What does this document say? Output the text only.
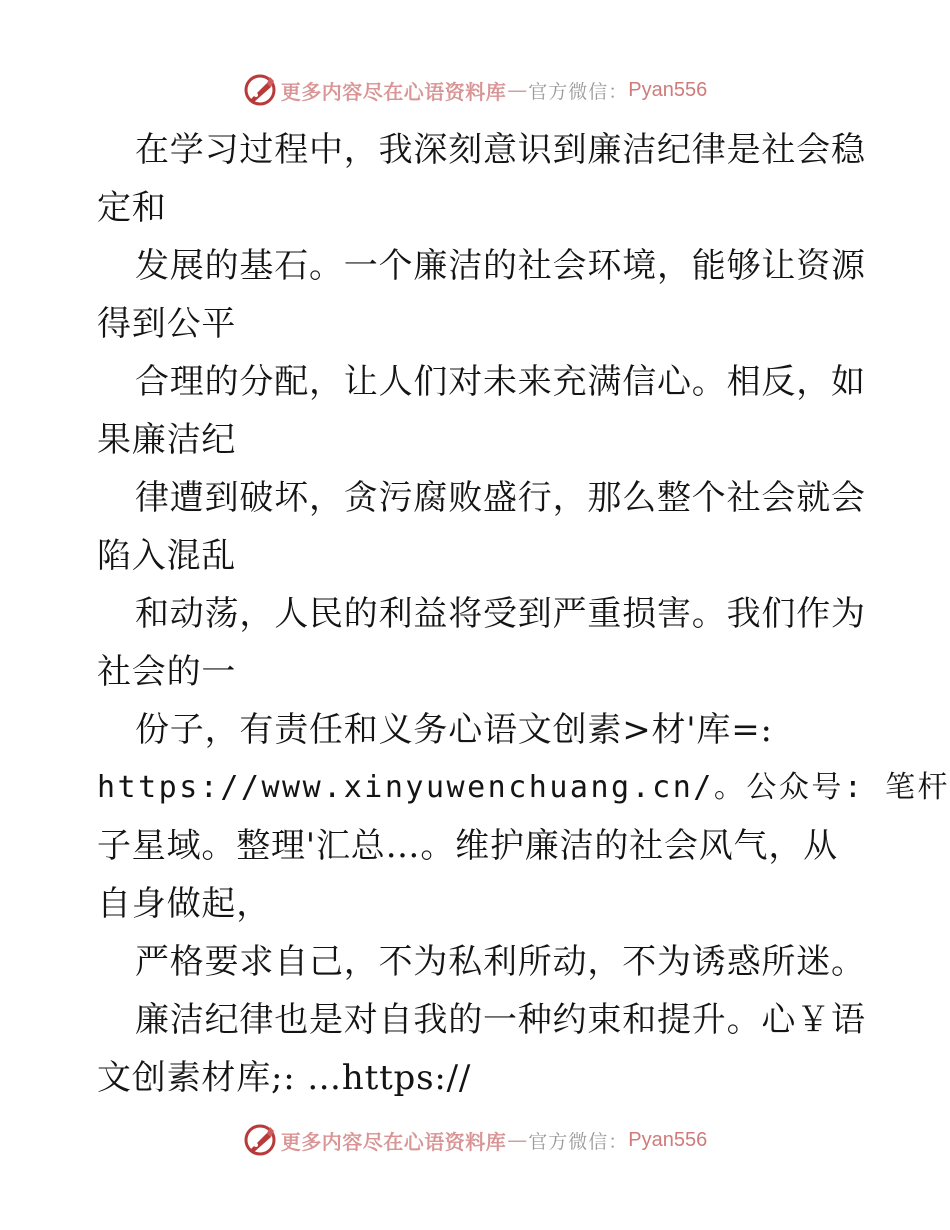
更多内容尽在心语资料库 — 官方微信： Pyan556
在学习过程中，我深刻意识到廉洁纪律是社会稳
定和
发展的基石。一个廉洁的社会环境，能够让资源
得到公平
合理的分配，让人们对未来充满信心。相反，如
果廉洁纪
律遭到破坏，贪污腐败盛行，那么整个社会就会
陷入混乱
和动荡，人民的利益将受到严重损害。我们作为
社会的一
份子，有责任和义务心语文创素>材'库=:
https://www.xinyuwenchuang.cn/。公众号: 笔杆
子星域。整理'汇总…。维护廉洁的社会风气，从
自身做起，
严格要求自己，不为私利所动，不为诱惑所迷。
廉洁纪律也是对自我的一种约束和提升。心￥语
文创素材库;: …https://
更多内容尽在心语资料库 — 官方微信： Pyan556
